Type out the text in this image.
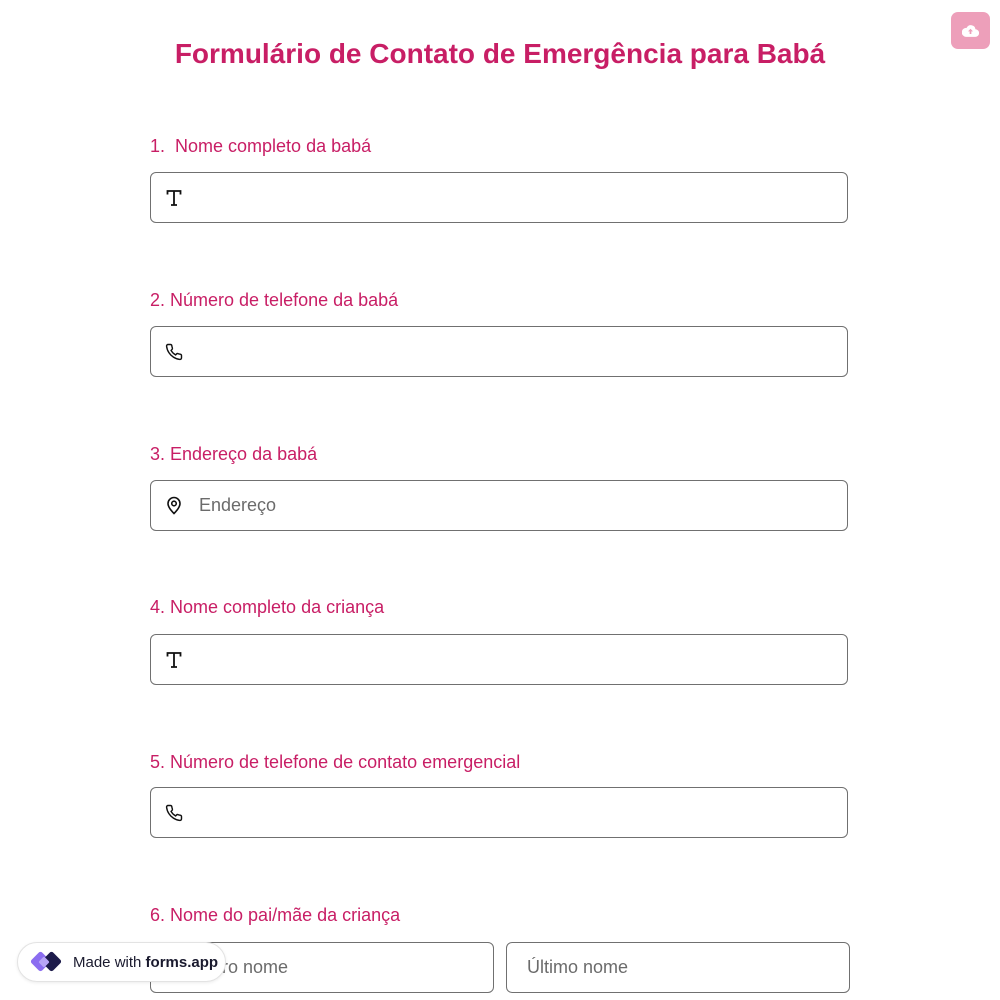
Formulário de Contato de Emergência para Babá

1.  Nome completo da babá

2. Número de telefone da babá

3. Endereço da babá

Endereço

4. Nome completo da criança

5. Número de telefone de contato emergencial

6. Nome do pai/mãe da criança

Primeiro nome
Último nome
Made with forms.app
